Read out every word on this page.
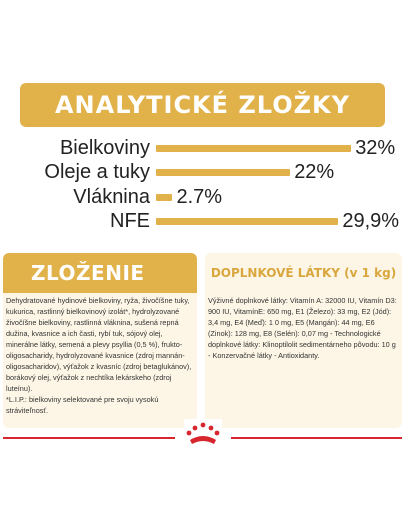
ANALYTICKÉ ZLOŽKY
Bielkoviny	32%
Oleje a tuky	22%
Vláknina 2.7%
NFE	29,9%
ZLOŽENIE
Dehydratované hydinové bielkoviny, ryža, živočíšne tuky, kukurica, rastlinný bielkovinový izolát*, hydrolyzované živočíšne bielkoviny, rastlinná vláknina, sušená repná dužina, kvasnice a ich časti, rybí tuk, sójový olej, minerálne látky, semená a plevy psyllia (0,5 %), frukto-oligosacharidy, hydrolyzované kvasnice (zdroj mannán-oligosacharidov), výťažok z kvasníc (zdroj betaglukánov), borákový olej, výťažok z nechtíka lekárskeho (zdroj luteínu).
*L.I.P.: bielkoviny selektované pre svoju vysokú stráviteľnosť.
DOPLNKOVÉ LÁTKY (v 1 kg)
Výživné doplnkové látky: Vitamín A: 32000 IU, Vitamín D3: 900 IU, VitamínE: 650 mg, E1 (Železo): 33 mg, E2 (Jód): 3,4 mg, E4 (Meď): 1 0 mg, E5 (Mangán): 44 mg, E6 (Zinok): 128 mg, E8 (Selén): 0,07 mg - Technologické doplnkové látky: Klinoptilolit sedimentárneho pôvodu: 10 g - Konzervačné látky - Antioxidanty.
